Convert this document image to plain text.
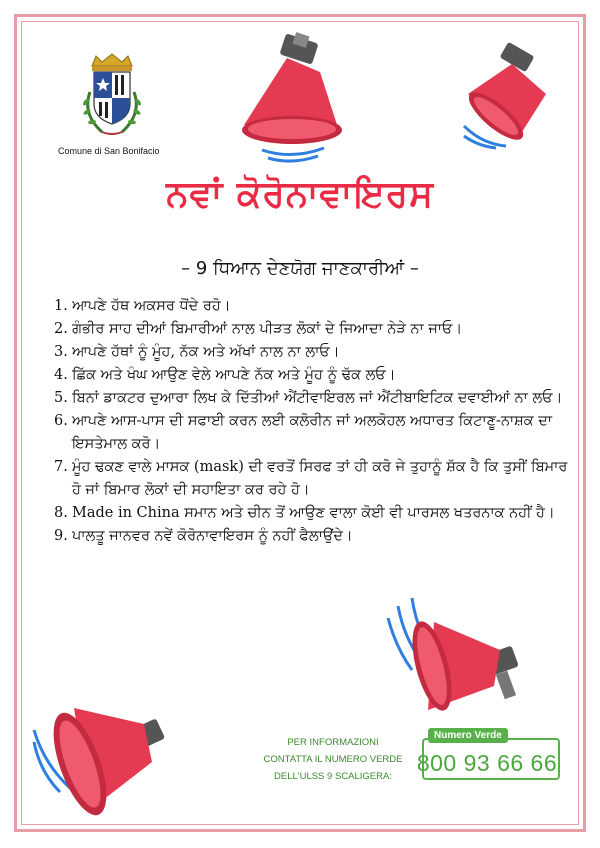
Comune di San Bonifacio
ਨਵਾਂ ਕੋਰੋਨਾਵਾਇਰਸ

– 9 ਧਿਆਨ ਦੇਣਯੋਗ ਜਾਣਕਾਰੀਆਂ –

1. ਆਪਣੇ ਹੱਥ ਅਕਸਰ ਧੋਂਦੇ ਰਹੋ।
2. ਗੰਭੀਰ ਸਾਹ ਦੀਆਂ ਬਿਮਾਰੀਆਂ ਨਾਲ ਪੀੜਤ ਲੋਕਾਂ ਦੇ ਜਿਆਦਾ ਨੇੜੇ ਨਾ ਜਾਓ।
3. ਆਪਣੇ ਹੱਥਾਂ ਨੂੰ ਮੂੰਹ, ਨੱਕ ਅਤੇ ਅੱਖਾਂ ਨਾਲ ਨਾ ਲਾਓ।
4. ਛਿੱਕ ਅਤੇ ਖੰਘ ਆਉਣ ਵੇਲੇ ਆਪਣੇ ਨੱਕ ਅਤੇ ਮੂੰਹ ਨੂੰ ਢੱਕ ਲਓ।
5. ਬਿਨਾਂ ਡਾਕਟਰ ਦੁਆਰਾ ਲਿਖ ਕੇ ਦਿੱਤੀਆਂ ਐਂਟੀਵਾਇਰਲ ਜਾਂ ਐਂਟੀਬਾਇਟਿਕ ਦਵਾਈਆਂ ਨਾ ਲਓ।
6. ਆਪਣੇ ਆਸ-ਪਾਸ ਦੀ ਸਫਾਈ ਕਰਨ ਲਈ ਕਲੋਰੀਨ ਜਾਂ ਅਲਕੋਹਲ ਅਧਾਰਤ ਕਿਟਾਣੂ-ਨਾਸ਼ਕ ਦਾ ਇਸਤੇਮਾਲ ਕਰੋ।
7. ਮੂੰਹ ਢਕਣ ਵਾਲੇ ਮਾਸਕ (mask) ਦੀ ਵਰਤੋਂ ਸਿਰਫ ਤਾਂ ਹੀ ਕਰੋ ਜੇ ਤੁਹਾਨੂੰ ਸ਼ੱਕ ਹੈ ਕਿ ਤੁਸੀਂ ਬਿਮਾਰ ਹੋ ਜਾਂ ਬਿਮਾਰ ਲੋਕਾਂ ਦੀ ਸਹਾਇਤਾ ਕਰ ਰਹੇ ਹੋ।
8. Made in China ਸਮਾਨ ਅਤੇ ਚੀਨ ਤੋਂ ਆਉਣ ਵਾਲਾ ਕੋਈ ਵੀ ਪਾਰਸਲ ਖਤਰਨਾਕ ਨਹੀਂ ਹੈ।
9. ਪਾਲਤੂ ਜਾਨਵਰ ਨਵੇਂ ਕੋਰੋਨਾਵਾਇਰਸ ਨੂੰ ਨਹੀਂ ਫੈਲਾਉਂਦੇ।
PER INFORMAZIONI
CONTATTA IL NUMERO VERDE
DELL'ULSS 9 SCALIGERA:
Numero Verde
800 93 66 66
